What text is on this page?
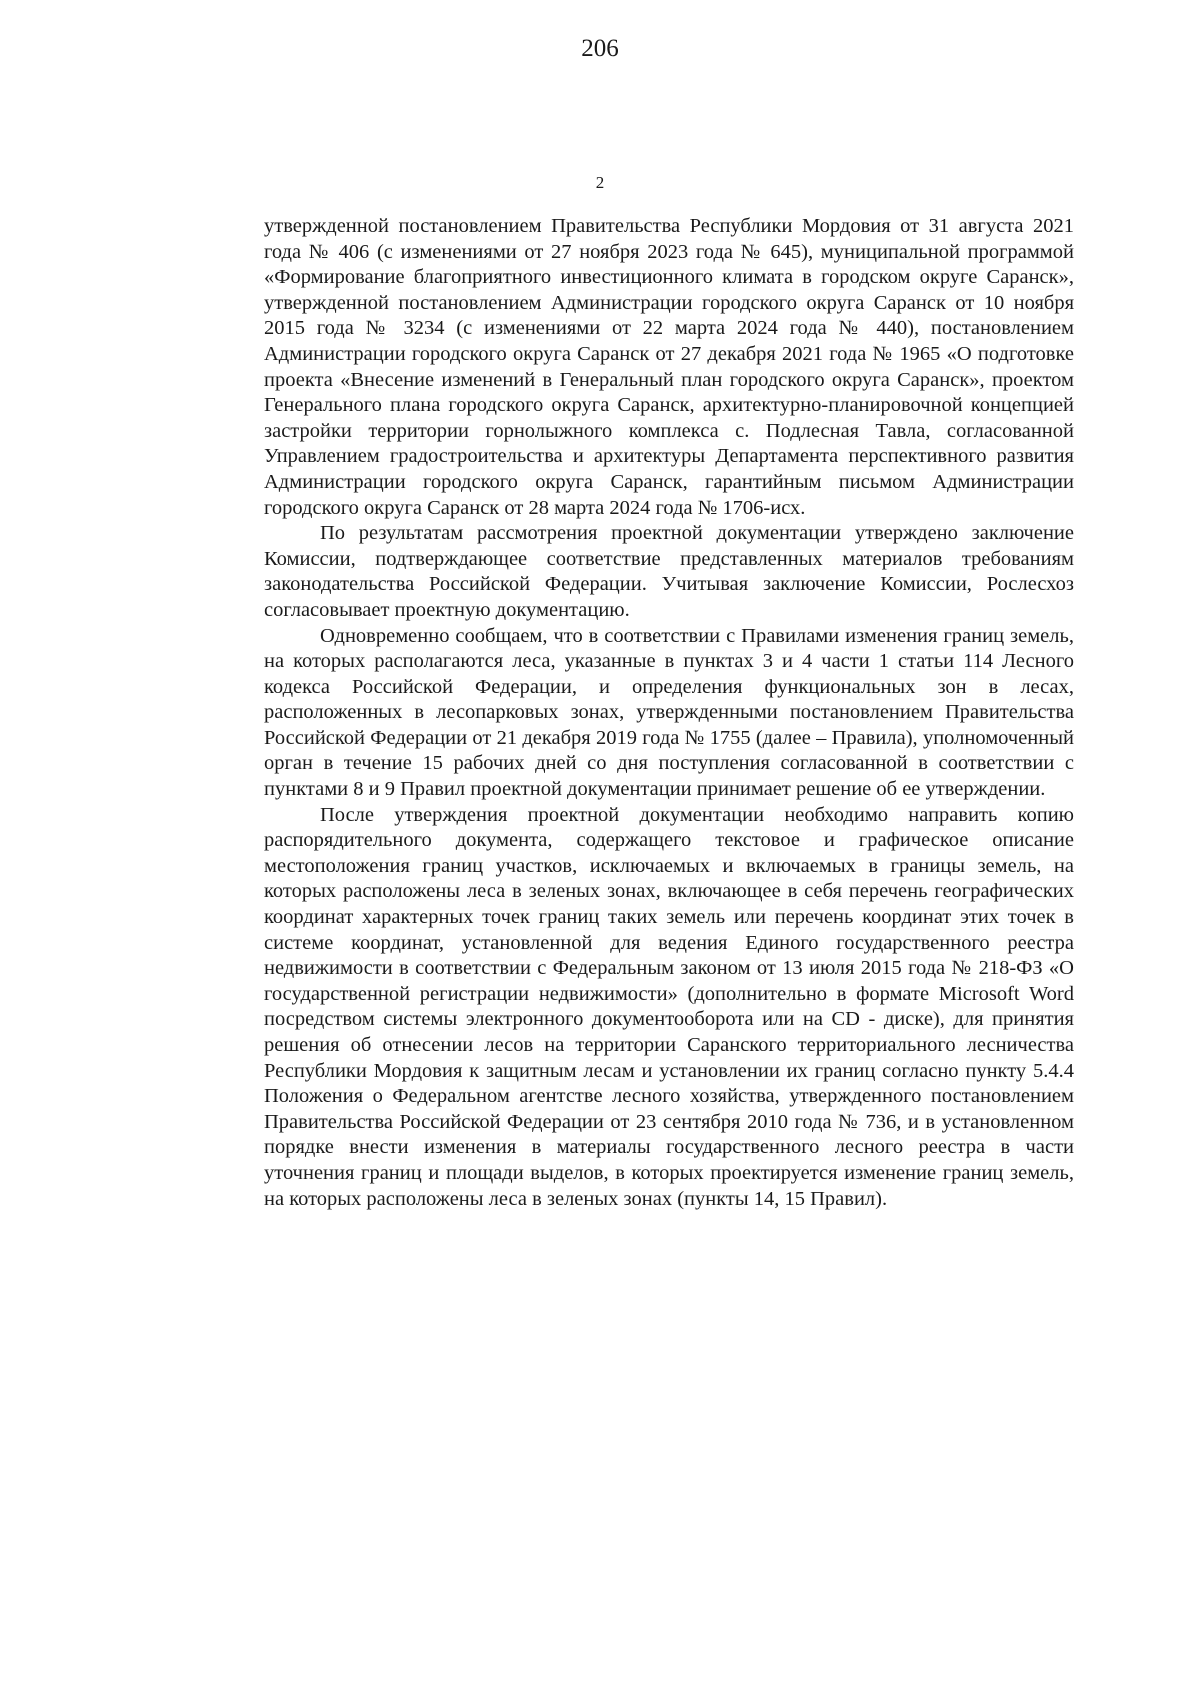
206
2

утвержденной постановлением Правительства Республики Мордовия от 31 августа 2021 года № 406 (с изменениями от 27 ноября 2023 года № 645), муниципальной программой «Формирование благоприятного инвестиционного климата в городском округе Саранск», утвержденной постановлением Администрации городского округа Саранск от 10 ноября 2015 года № 3234 (с изменениями от 22 марта 2024 года № 440), постановлением Администрации городского округа Саранск от 27 декабря 2021 года № 1965 «О подготовке проекта «Внесение изменений в Генеральный план городского округа Саранск», проектом Генерального плана городского округа Саранск, архитектурно-планировочной концепцией застройки территории горнолыжного комплекса с. Подлесная Тавла, согласованной Управлением градостроительства и архитектуры Департамента перспективного развития Администрации городского округа Саранск, гарантийным письмом Администрации городского округа Саранск от 28 марта 2024 года № 1706-исх.

По результатам рассмотрения проектной документации утверждено заключение Комиссии, подтверждающее соответствие представленных материалов требованиям законодательства Российской Федерации. Учитывая заключение Комиссии, Рослесхоз согласовывает проектную документацию.

Одновременно сообщаем, что в соответствии с Правилами изменения границ земель, на которых располагаются леса, указанные в пунктах 3 и 4 части 1 статьи 114 Лесного кодекса Российской Федерации, и определения функциональных зон в лесах, расположенных в лесопарковых зонах, утвержденными постановлением Правительства Российской Федерации от 21 декабря 2019 года № 1755 (далее – Правила), уполномоченный орган в течение 15 рабочих дней со дня поступления согласованной в соответствии с пунктами 8 и 9 Правил проектной документации принимает решение об ее утверждении.

После утверждения проектной документации необходимо направить копию распорядительного документа, содержащего текстовое и графическое описание местоположения границ участков, исключаемых и включаемых в границы земель, на которых расположены леса в зеленых зонах, включающее в себя перечень географических координат характерных точек границ таких земель или перечень координат этих точек в системе координат, установленной для ведения Единого государственного реестра недвижимости в соответствии с Федеральным законом от 13 июля 2015 года № 218-ФЗ «О государственной регистрации недвижимости» (дополнительно в формате Microsoft Word посредством системы электронного документооборота или на CD - диске), для принятия решения об отнесении лесов на территории Саранского территориального лесничества Республики Мордовия к защитным лесам и установлении их границ согласно пункту 5.4.4 Положения о Федеральном агентстве лесного хозяйства, утвержденного постановлением Правительства Российской Федерации от 23 сентября 2010 года № 736, и в установленном порядке внести изменения в материалы государственного лесного реестра в части уточнения границ и площади выделов, в которых проектируется изменение границ земель, на которых расположены леса в зеленых зонах (пункты 14, 15 Правил).
